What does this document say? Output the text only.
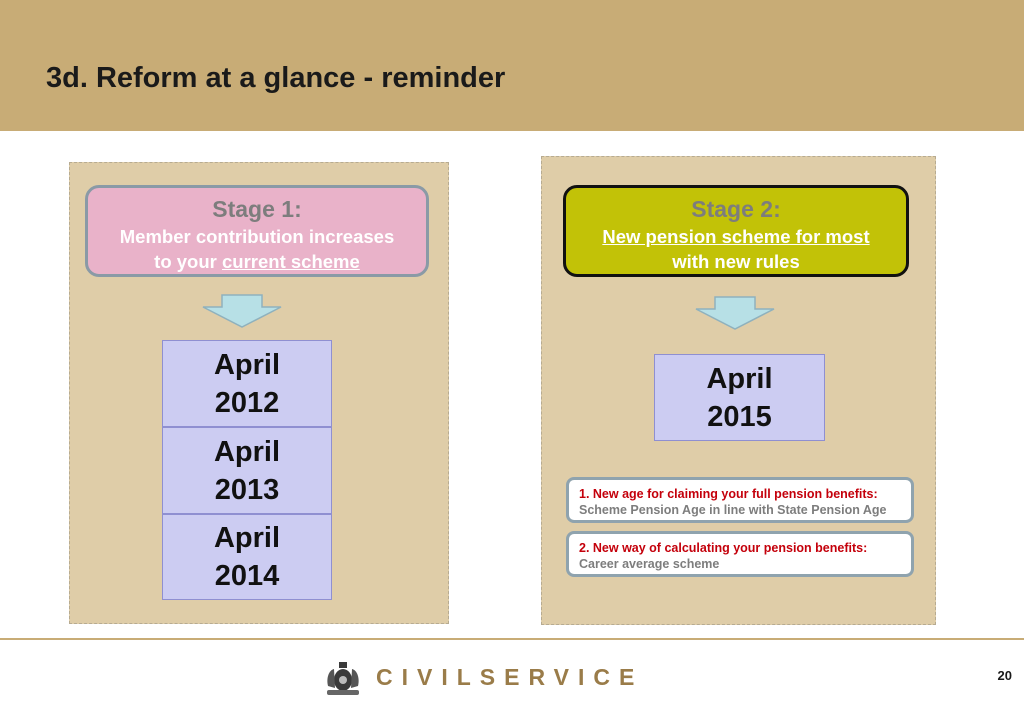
3d. Reform at a glance - reminder
Stage 1:
Member contribution increases
to your current scheme
Stage 2:
New pension scheme for most
with new rules
April
2012
April
2013
April
2014
April
2015
1. New age for claiming your full pension benefits:
Scheme Pension Age in line with State Pension Age
2. New way of calculating your pension benefits:
Career average scheme
CIVILSERVICE	20
